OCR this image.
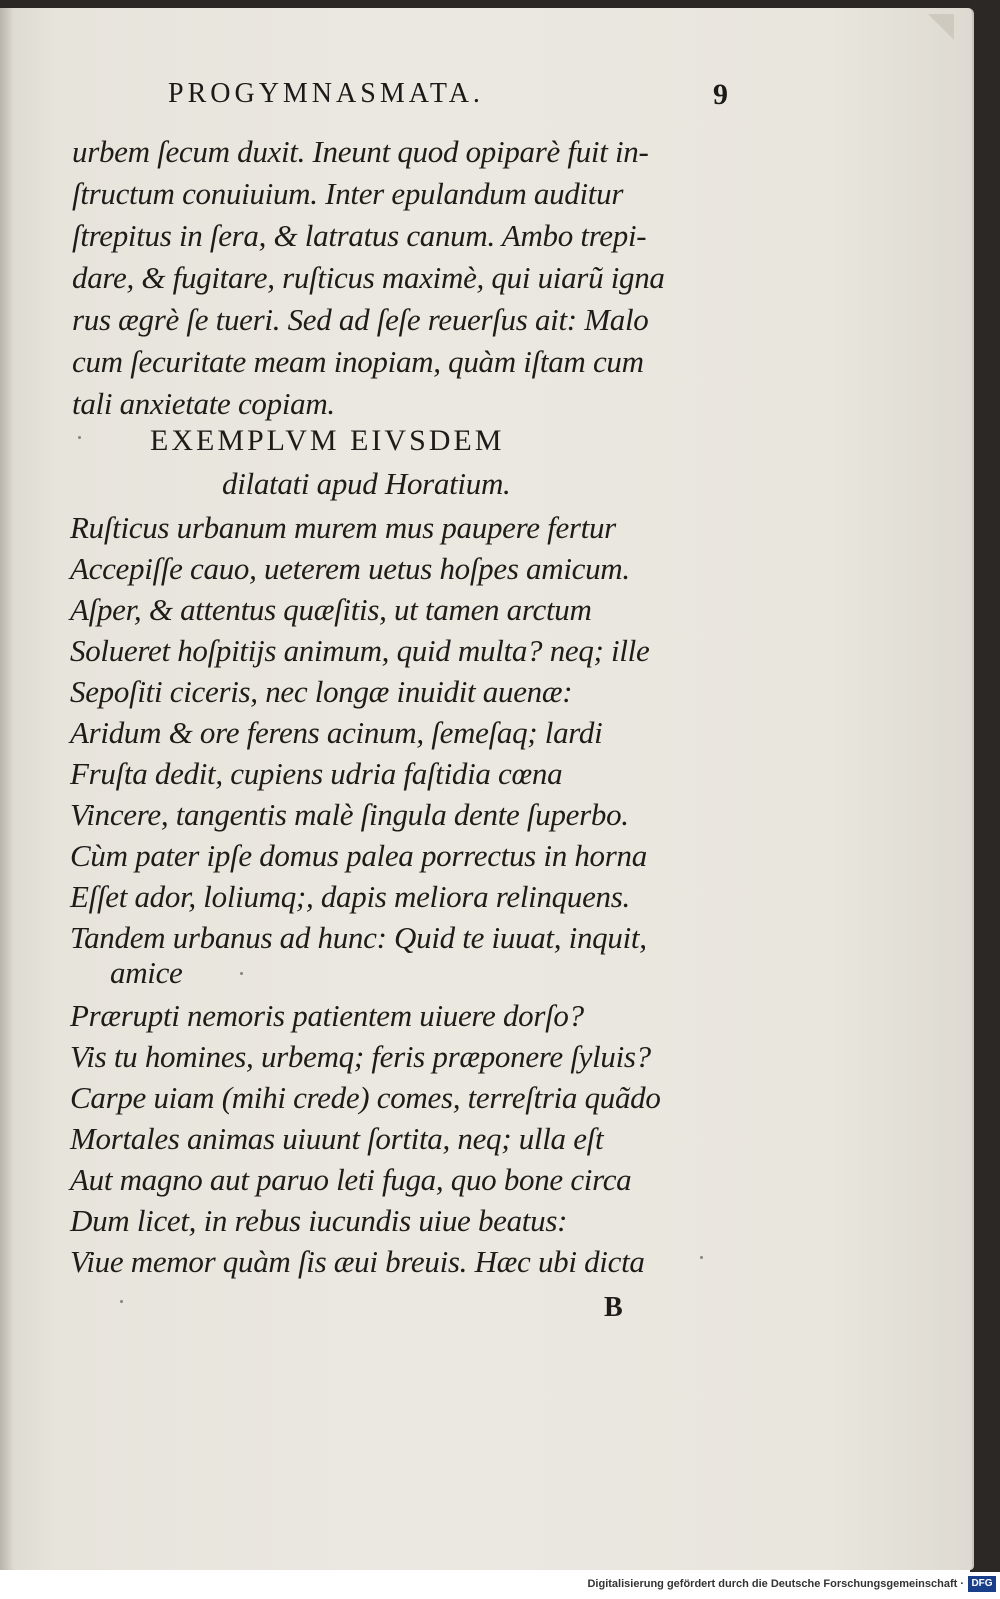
PROGYMNASMATA.	9
urbem ſecum duxit. Ineunt quod opiparè fuit in-
ſtructum conuiuium. Inter epulandum auditur
ſtrepitus in ſera, & latratus canum. Ambo trepi-
dare, & fugitare, ruſticus maximè, qui uiarũ igna
rus ægrè ſe tueri. Sed ad ſeſe reuerſus ait: Malo
cum ſecuritate meam inopiam, quàm iſtam cum
tali anxietate copiam.
EXEMPLVM EIVSDEM
dilatati apud Horatium.
Ruſticus urbanum murem mus paupere fertur
Accepiſſe cauo, ueterem uetus hoſpes amicum.
Aſper, & attentus quæſitis, ut tamen arctum
Solueret hoſpitijs animum, quid multa? neq; ille
Sepoſiti ciceris, nec longæ inuidit auenæ:
Aridum & ore ferens acinum, ſemeſaq; lardi
Fruſta dedit, cupiens udria faſtidia cœna
Vincere, tangentis malè ſingula dente ſuperbo.
Cùm pater ipſe domus palea porrectus in horna
Eſſet ador, loliumq;, dapis meliora relinquens.
Tandem urbanus ad hunc: Quid te iuuat, inquit,
amice
Prærupti nemoris patientem uiuere dorſo?
Vis tu homines, urbemq; feris præponere ſyluis?
Carpe uiam (mihi crede) comes, terreſtria quãdo
Mortales animas uiuunt ſortita, neq; ulla eſt
Aut magno aut paruo leti fuga, quo bone circa
Dum licet, in rebus iucundis uiue beatus:
Viue memor quàm ſis æui breuis. Hæc ubi dicta
B
Digitalisierung gefördert durch die Deutsche Forschungsgemeinschaft · DFG
